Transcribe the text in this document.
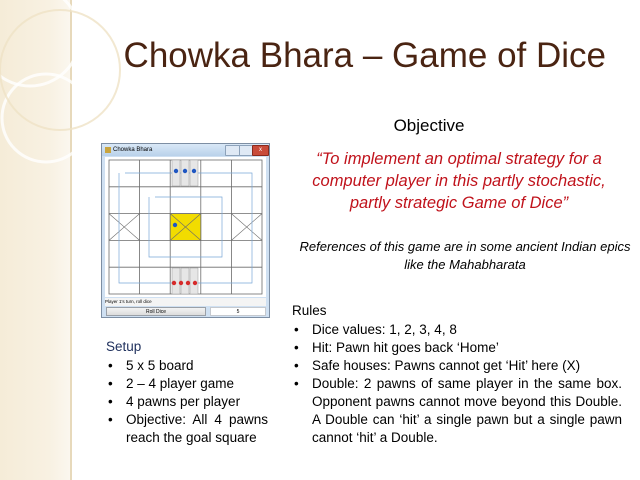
Chowka Bhara – Game of Dice
Objective
“To implement an optimal strategy for a computer player in this partly stochastic, partly strategic Game of Dice”
References of this game are in some ancient Indian epics like the Mahabharata
Rules
• Dice values: 1, 2, 3, 4, 8
• Hit: Pawn hit goes back ‘Home’
• Safe houses: Pawns cannot get ‘Hit’ here (X)
• Double: 2 pawns of same player in the same box. Opponent pawns cannot move beyond this Double. A Double can ‘hit’ a single pawn but a single pawn cannot ‘hit’ a Double.
Setup
• 5 x 5 board
• 2 – 4 player game
• 4 pawns per player
• Objective: All 4 pawns reach the goal square
Chowka Bhara	x
Player 1's turn, roll dice
Roll Dice	5
